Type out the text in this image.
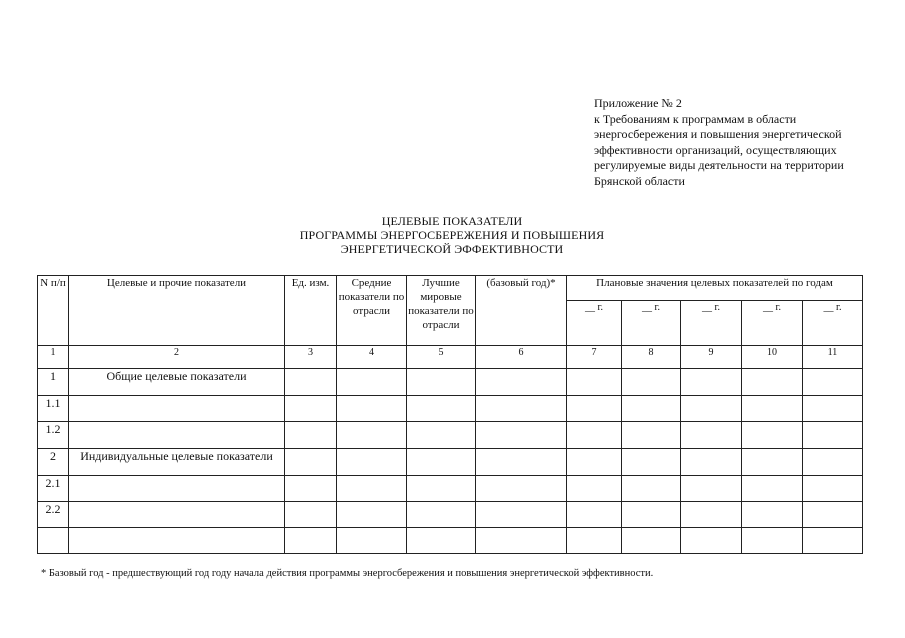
Приложение № 2
к Требованиям к программам в области
энергосбережения и повышения энергетической
эффективности организаций, осуществляющих
регулируемые виды деятельности на территории
Брянской области
ЦЕЛЕВЫЕ ПОКАЗАТЕЛИ
ПРОГРАММЫ ЭНЕРГОСБЕРЕЖЕНИЯ И ПОВЫШЕНИЯ
ЭНЕРГЕТИЧЕСКОЙ ЭФФЕКТИВНОСТИ
N п/п	Целевые и прочие показатели	Ед. изм.	Средние показатели по отрасли	Лучшие мировые показатели по отрасли	(базовый год)*	Плановые значения целевых показателей по годам				
						__ г.	__ г.	__ г.	__ г.	__ г.
1	2	3	4	5	6	7	8	9	10	11
1	Общие целевые показатели									
1.1										
1.2										
2	Индивидуальные целевые показатели									
2.1										
2.2										

* Базовый год - предшествующий год году начала действия программы энергосбережения и повышения энергетической эффективности.
